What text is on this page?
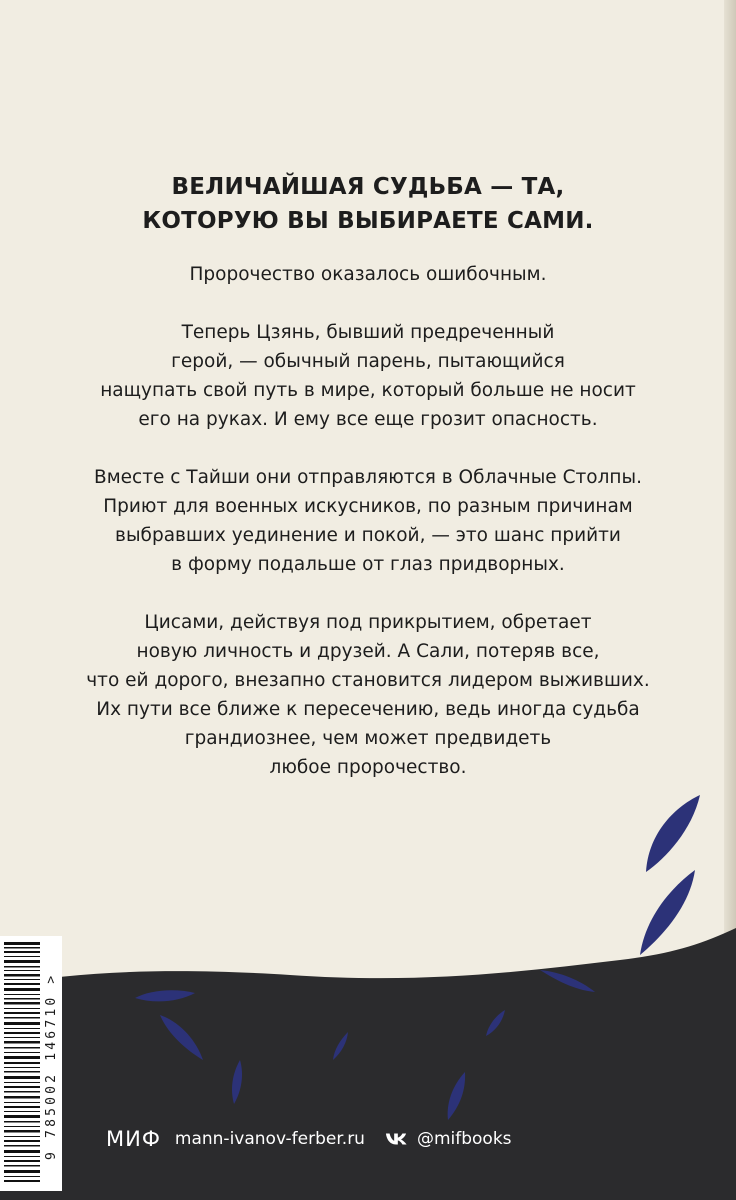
ВЕЛИЧАЙШАЯ СУДЬБА — ТА,
КОТОРУЮ ВЫ ВЫБИРАЕТЕ САМИ.
Пророчество оказалось ошибочным.
Теперь Цзянь, бывший предреченный
герой, — обычный парень, пытающийся
нащупать свой путь в мире, который больше не носит
его на руках. И ему все еще грозит опасность.
Вместе с Тайши они отправляются в Облачные Столпы.
Приют для военных искусников, по разным причинам
выбравших уединение и покой, — это шанс прийти
в форму подальше от глаз придворных.
Цисами, действуя под прикрытием, обретает
новую личность и друзей. А Сали, потеряв все,
что ей дорого, внезапно становится лидером выживших.
Их пути все ближе к пересечению, ведь иногда судьба
грандиознее, чем может предвидеть
любое пророчество.
9 785002 146710 > МИФ mann-ivanov-ferber.ru	@mifbooks
